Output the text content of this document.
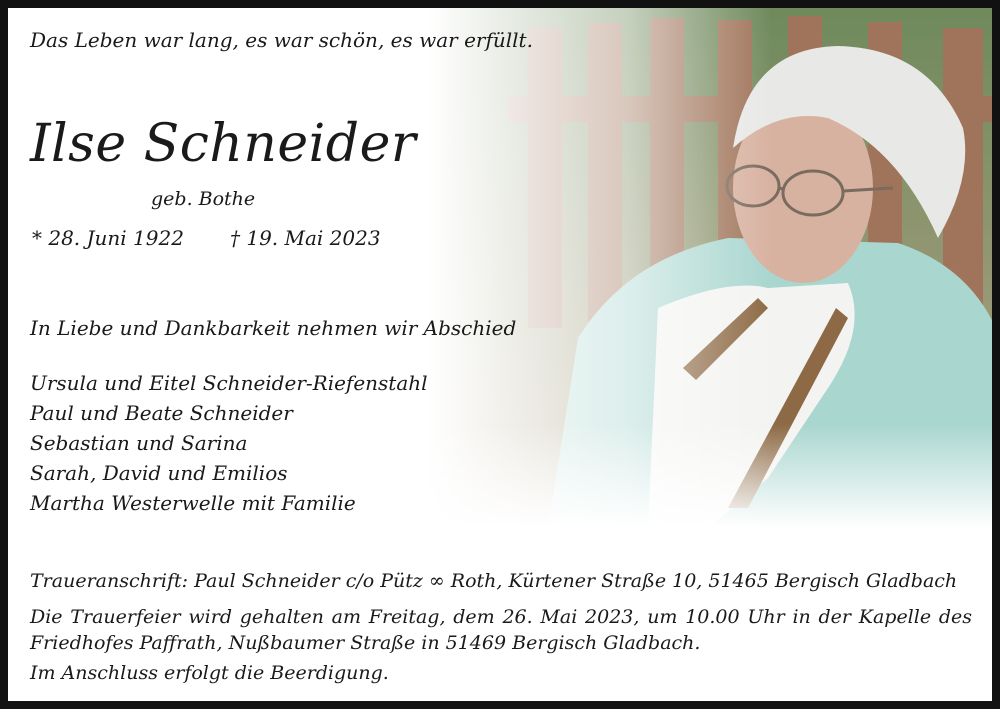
Das Leben war lang, es war schön, es war erfüllt.
Ilse Schneider
geb. Bothe
* 28. Juni 1922 † 19. Mai 2023
In Liebe und Dankbarkeit nehmen wir Abschied
Ursula und Eitel Schneider-Riefenstahl
Paul und Beate Schneider
Sebastian und Sarina
Sarah, David und Emilios
Martha Westerwelle mit Familie
Traueranschrift: Paul Schneider c/o Pütz ∞ Roth, Kürtener Straße 10, 51465 Bergisch Gladbach
Die Trauerfeier wird gehalten am Freitag, dem 26. Mai 2023, um 10.00 Uhr in der Kapelle des Friedhofes Paffrath, Nußbaumer Straße in 51469 Bergisch Gladbach.
Im Anschluss erfolgt die Beerdigung.
